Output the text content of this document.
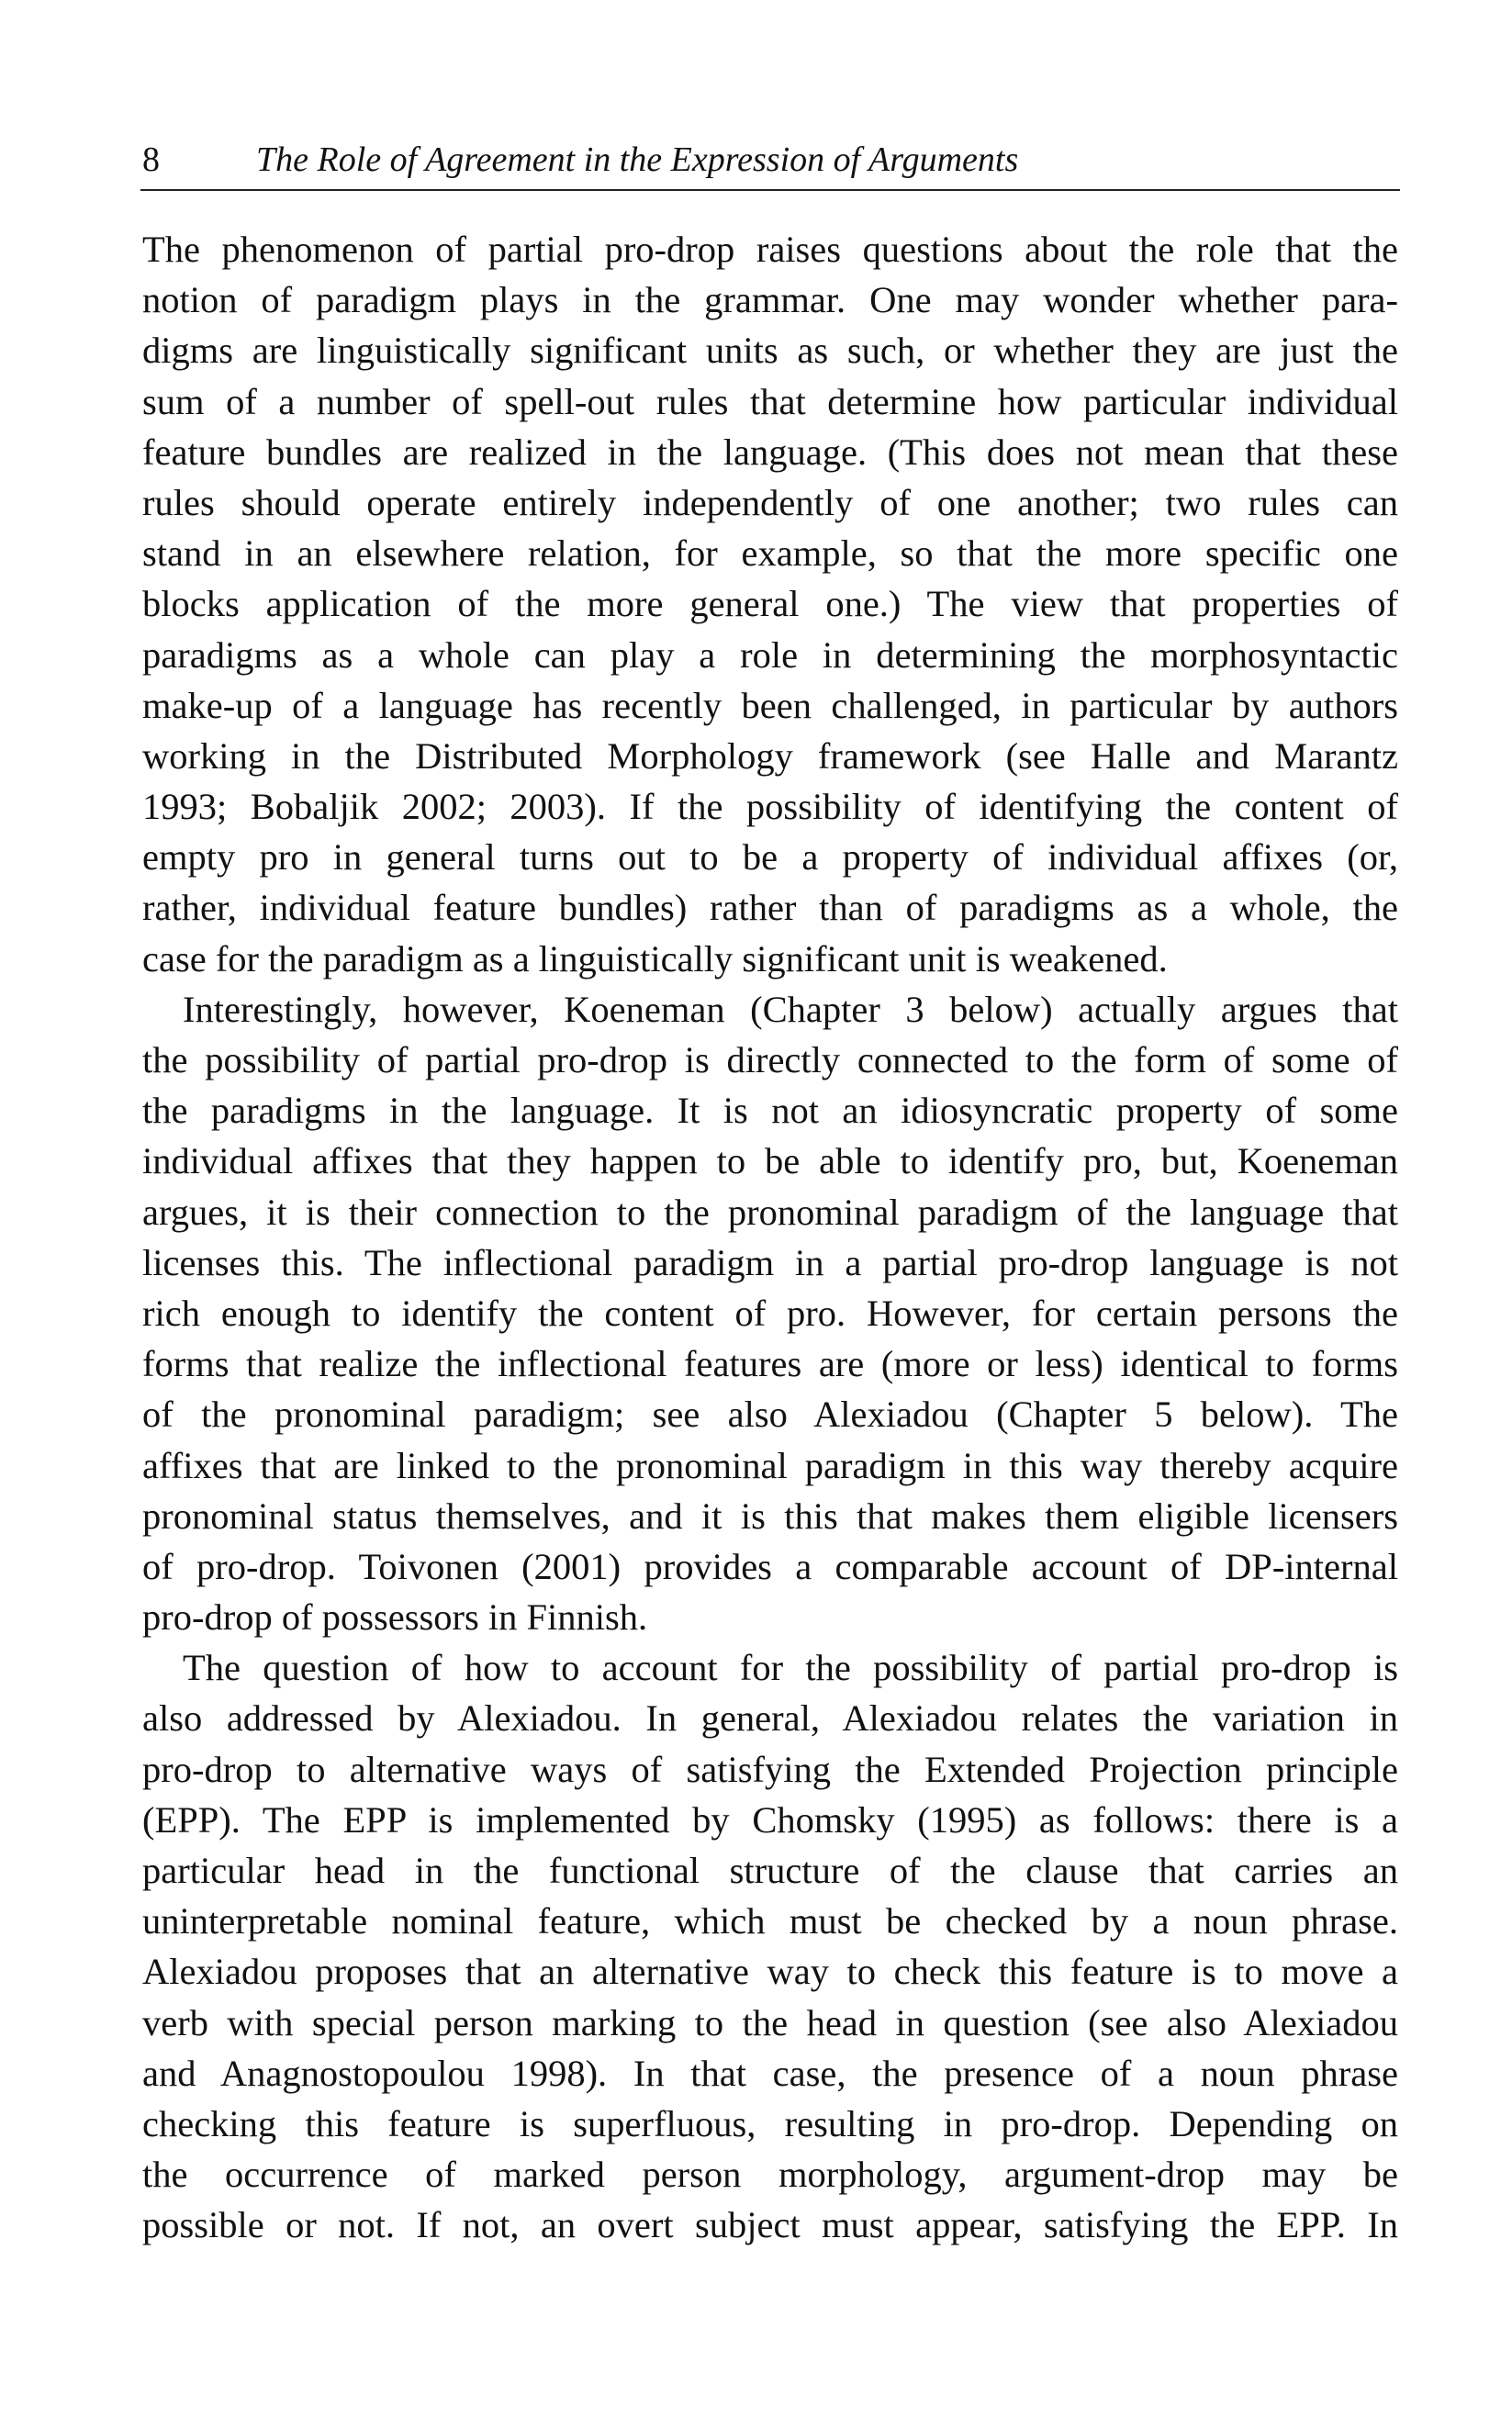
8	The Role of Agreement in the Expression of Arguments
The phenomenon of partial pro-drop raises questions about the role that the
notion of paradigm plays in the grammar. One may wonder whether para-
digms are linguistically significant units as such, or whether they are just the
sum of a number of spell-out rules that determine how particular individual
feature bundles are realized in the language. (This does not mean that these
rules should operate entirely independently of one another; two rules can
stand in an elsewhere relation, for example, so that the more specific one
blocks application of the more general one.) The view that properties of
paradigms as a whole can play a role in determining the morphosyntactic
make-up of a language has recently been challenged, in particular by authors
working in the Distributed Morphology framework (see Halle and Marantz
1993; Bobaljik 2002; 2003). If the possibility of identifying the content of
empty pro in general turns out to be a property of individual affixes (or,
rather, individual feature bundles) rather than of paradigms as a whole, the
case for the paradigm as a linguistically significant unit is weakened.
Interestingly, however, Koeneman (Chapter 3 below) actually argues that
the possibility of partial pro-drop is directly connected to the form of some of
the paradigms in the language. It is not an idiosyncratic property of some
individual affixes that they happen to be able to identify pro, but, Koeneman
argues, it is their connection to the pronominal paradigm of the language that
licenses this. The inflectional paradigm in a partial pro-drop language is not
rich enough to identify the content of pro. However, for certain persons the
forms that realize the inflectional features are (more or less) identical to forms
of the pronominal paradigm; see also Alexiadou (Chapter 5 below). The
affixes that are linked to the pronominal paradigm in this way thereby acquire
pronominal status themselves, and it is this that makes them eligible licensers
of pro-drop. Toivonen (2001) provides a comparable account of DP-internal
pro-drop of possessors in Finnish.
The question of how to account for the possibility of partial pro-drop is
also addressed by Alexiadou. In general, Alexiadou relates the variation in
pro-drop to alternative ways of satisfying the Extended Projection principle
(EPP). The EPP is implemented by Chomsky (1995) as follows: there is a
particular head in the functional structure of the clause that carries an
uninterpretable nominal feature, which must be checked by a noun phrase.
Alexiadou proposes that an alternative way to check this feature is to move a
verb with special person marking to the head in question (see also Alexiadou
and Anagnostopoulou 1998). In that case, the presence of a noun phrase
checking this feature is superfluous, resulting in pro-drop. Depending on
the occurrence of marked person morphology, argument-drop may be
possible or not. If not, an overt subject must appear, satisfying the EPP. In
